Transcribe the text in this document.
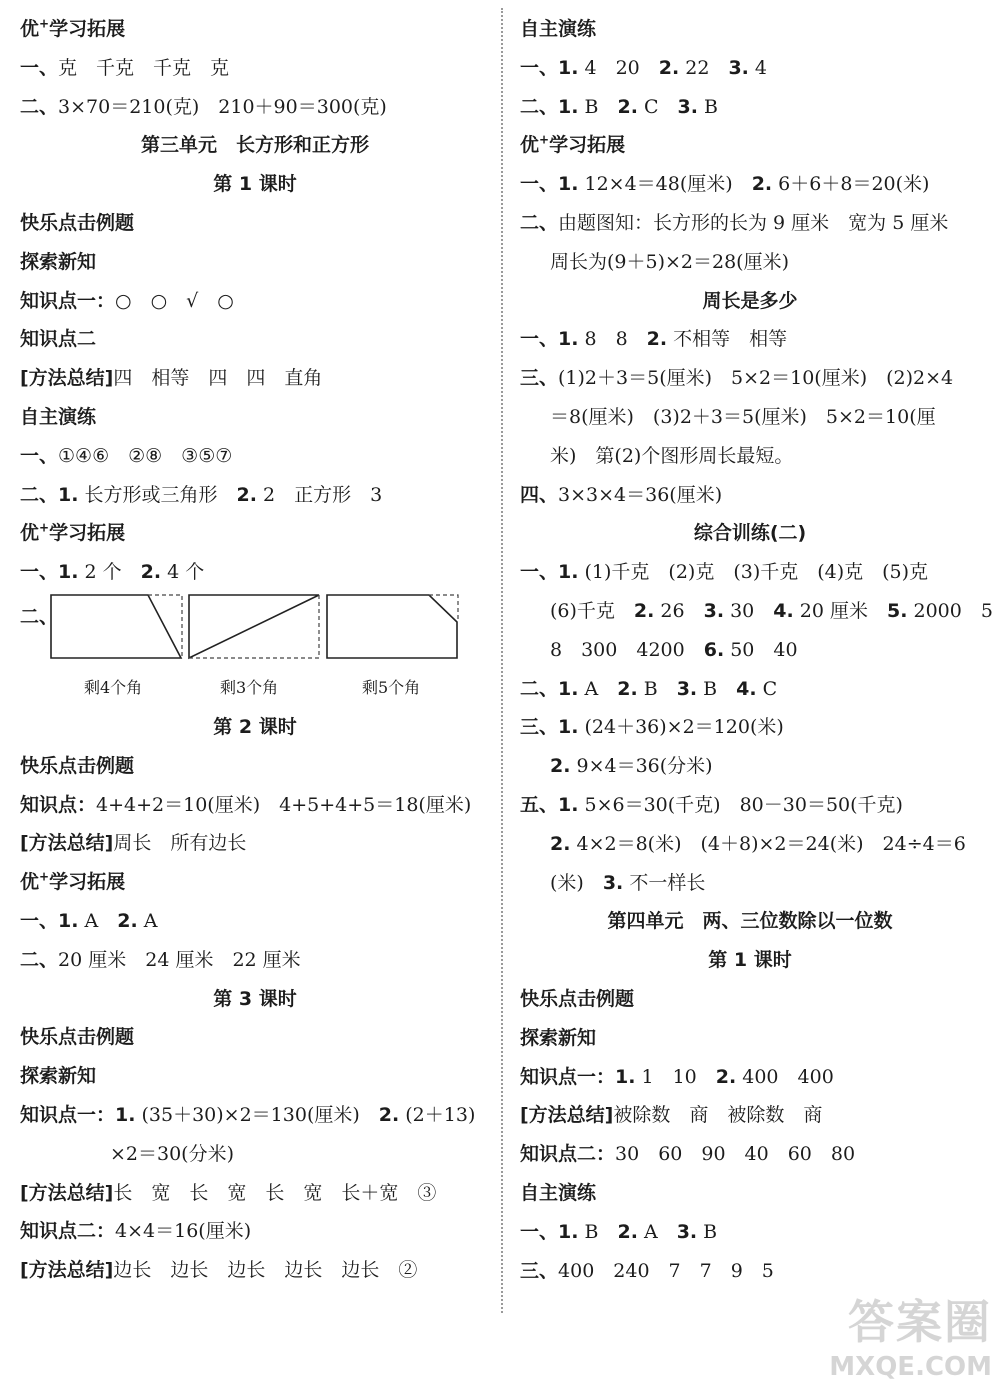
优+学习拓展
一、克　千克　千克　克
二、3×70＝210(克)　210＋90＝300(克)
第三单元　长方形和正方形
第 1 课时
快乐点击例题
探索新知
知识点一：○　○　√　○
知识点二
[方法总结]四　相等　四　四　直角
自主演练
一、①④⑥　②⑧　③⑤⑦
二、1. 长方形或三角形　2. 2　正方形　3
优+学习拓展
一、1. 2 个　2. 4 个
二、
剩4个角	剩3个角	剩5个角
第 2 课时
快乐点击例题
知识点：4+4+2＝10(厘米)　4+5+4+5＝18(厘米)
[方法总结]周长　所有边长
优+学习拓展
一、1. A　2. A
二、20 厘米　24 厘米　22 厘米
第 3 课时
快乐点击例题
探索新知
知识点一：1. (35＋30)×2＝130(厘米)　2. (2＋13)
×2＝30(分米)
[方法总结]长　宽　长　宽　长　宽　长＋宽　③
知识点二：4×4＝16(厘米)
[方法总结]边长　边长　边长　边长　边长　②
自主演练
一、1. 4　20　2. 22　3. 4
二、1. B　2. C　3. B
优+学习拓展
一、1. 12×4＝48(厘米)　2. 6＋6＋8＝20(米)
二、由题图知：长方形的长为 9 厘米　宽为 5 厘米
周长为(9＋5)×2＝28(厘米)
周长是多少
一、1. 8　8　2. 不相等　相等
三、(1)2＋3＝5(厘米)　5×2＝10(厘米)　(2)2×4
＝8(厘米)　(3)2＋3＝5(厘米)　5×2＝10(厘
米)　第(2)个图形周长最短。
四、3×3×4＝36(厘米)
综合训练(二)
一、1. (1)千克　(2)克　(3)千克　(4)克　(5)克
(6)千克　2. 26　3. 30　4. 20 厘米　5. 2000　5
8　300　4200　6. 50　40
二、1. A　2. B　3. B　4. C
三、1. (24＋36)×2＝120(米)
2. 9×4＝36(分米)
五、1. 5×6＝30(千克)　80－30＝50(千克)
2. 4×2＝8(米)　(4＋8)×2＝24(米)　24÷4＝6
(米)　3. 不一样长
第四单元　两、三位数除以一位数
第 1 课时
快乐点击例题
探索新知
知识点一：1. 1　10　2. 400　400
[方法总结]被除数　商　被除数　商
知识点二：30　60　90　40　60　80
自主演练
一、1. B　2. A　3. B
三、400　240　7　7　9　5
答案圈
MXQE.COM
